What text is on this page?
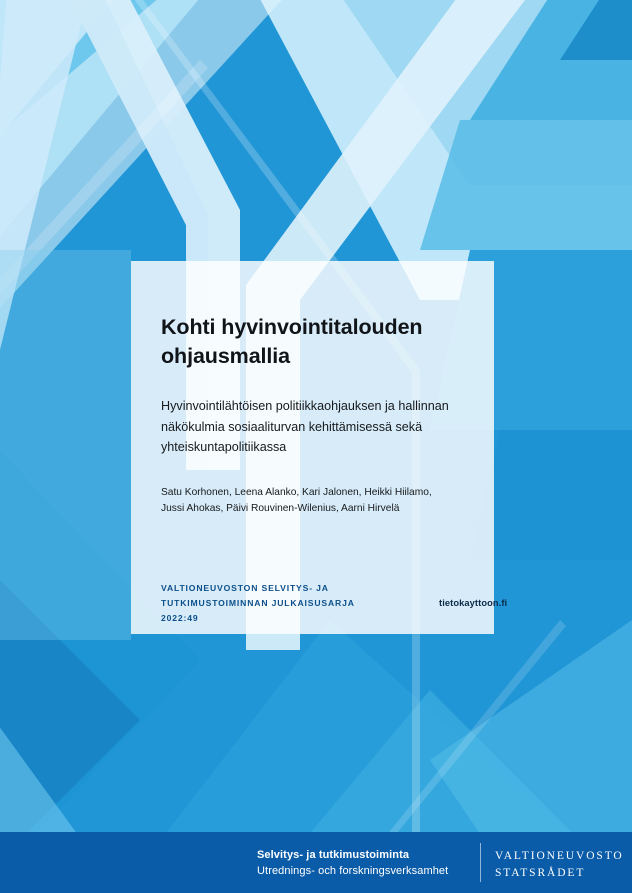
Kohti hyvinvointitalouden ohjausmallia

Hyvinvointilähtöisen politiikkaohjauksen ja hallinnan näkökulmia sosiaaliturvan kehittämisessä sekä yhteiskuntapolitiikassa

Satu Korhonen, Leena Alanko, Kari Jalonen, Heikki Hiilamo, Jussi Ahokas, Päivi Rouvinen-Wilenius, Aarni Hirvelä

VALTIONEUVOSTON SELVITYS- JA TUTKIMUSTOIMINNAN JULKAISUSARJA 2022:49

tietokayttoon.fi
Selvitys- ja tutkimustoiminta
Utrednings- och forskningsverksamhet
VALTIONEUVOSTO
STATSRÅDET
